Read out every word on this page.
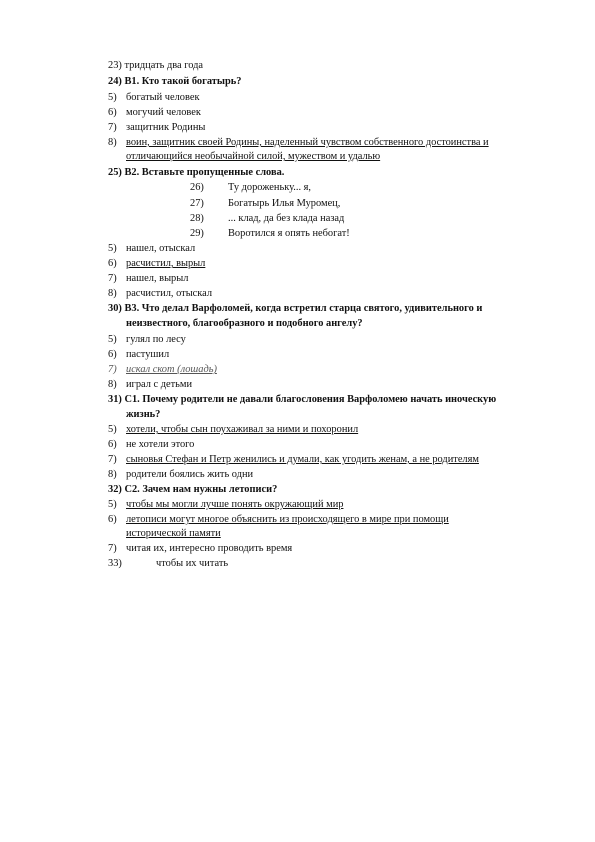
23) тридцать два года
24) В1. Кто такой богатырь?
5) богатый человек
6) могучий человек
7) защитник Родины
8) воин, защитник своей Родины, наделенный чувством собственного достоинства и
отличающийся необычайной силой, мужеством и удалью
25) В2. Вставьте пропущенные слова.
26) Ту дороженьку... я,
27) Богатырь Илья Муромец,
28) ... клад, да без клада назад
29) Воротился я опять небогат!
5) нашел, отыскал
6) расчистил, вырыл
7) нашел, вырыл
8) расчистил, отыскал
30) В3. Что делал Варфоломей, когда встретил старца святого, удивительного и
неизвестного, благообразного и подобного ангелу?
5) гулял по лесу
6) пастушил
7) искал скот (лошадь)
8) играл с детьми
31) С1. Почему родители не давали благословения Варфоломею начать иноческую
жизнь?
5) хотели, чтобы сын поухаживал за ними и похоронил
6) не хотели этого
7) сыновья Стефан и Петр женились и думали, как угодить женам, а не родителям
8) родители боялись жить одни
32) С2. Зачем нам нужны летописи?
5) чтобы мы могли лучше понять окружающий мир
6) летописи могут многое объяснить из происходящего в мире при помощи
исторической памяти
7) читая их, интересно проводить время
33)	чтобы их читать
